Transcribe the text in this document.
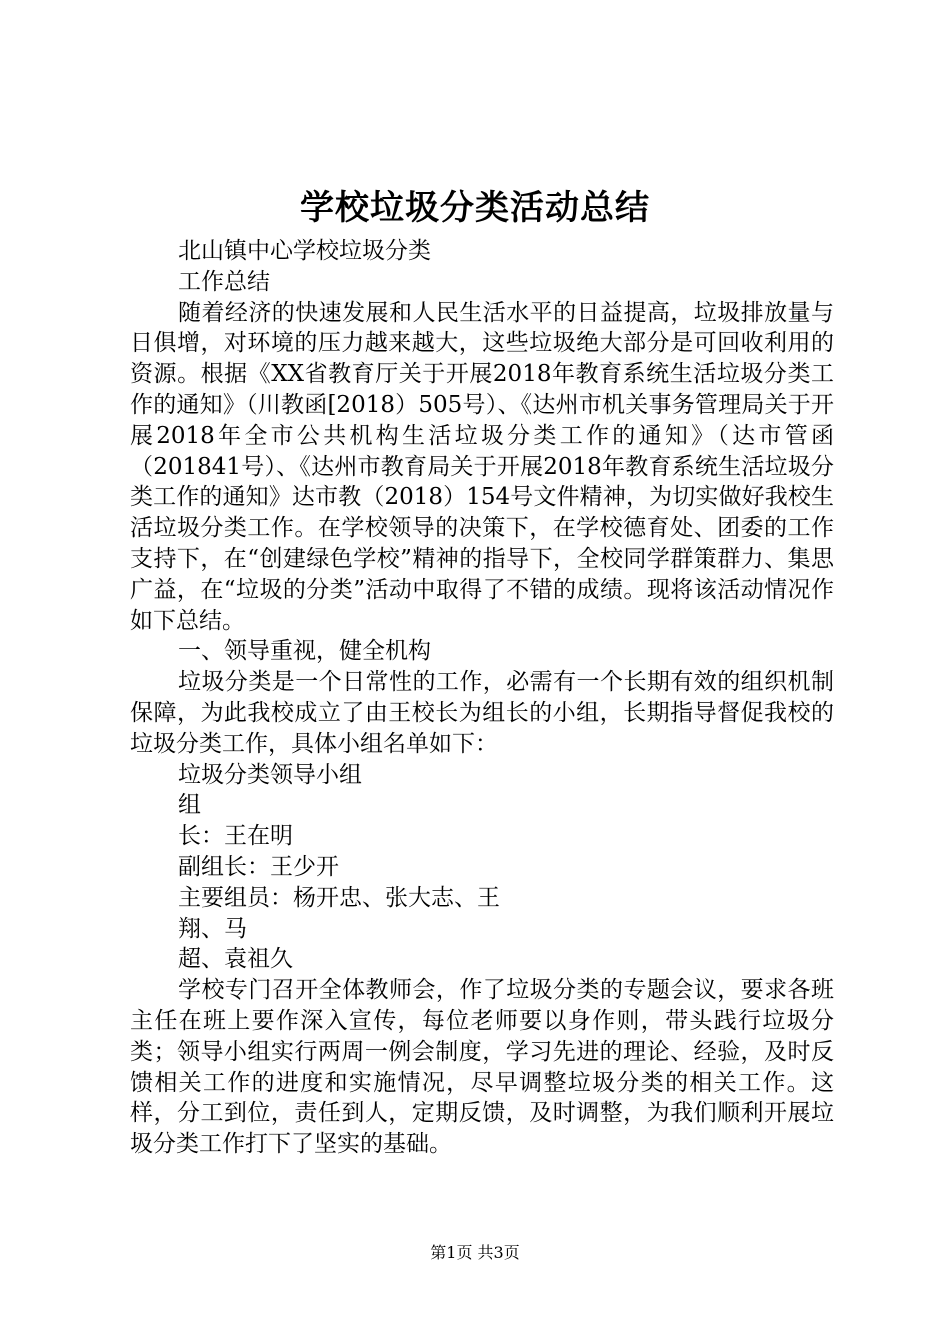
学校垃圾分类活动总结

北山镇中心学校垃圾分类

工作总结

随着经济的快速发展和人民生活水平的日益提高，垃圾排放量与日俱增，对环境的压力越来越大，这些垃圾绝大部分是可回收利用的资源。根据《XX省教育厅关于开展2018年教育系统生活垃圾分类工作的通知》（川教函[2018）505号）、《达州市机关事务管理局关于开展2018年全市公共机构生活垃圾分类工作的通知》（达市管函（201841号）、《达州市教育局关于开展2018年教育系统生活垃圾分类工作的通知》达市教（2018）154号文件精神，为切实做好我校生活垃圾分类工作。在学校领导的决策下，在学校德育处、团委的工作支持下，在“创建绿色学校”精神的指导下，全校同学群策群力、集思广益，在“垃圾的分类”活动中取得了不错的成绩。现将该活动情况作如下总结。

一、领导重视，健全机构

垃圾分类是一个日常性的工作，必需有一个长期有效的组织机制保障，为此我校成立了由王校长为组长的小组，长期指导督促我校的垃圾分类工作，具体小组名单如下：

垃圾分类领导小组

组

长：王在明

副组长：王少开

主要组员：杨开忠、张大志、王

翔、马

超、袁祖久

学校专门召开全体教师会，作了垃圾分类的专题会议，要求各班主任在班上要作深入宣传，每位老师要以身作则，带头践行垃圾分类；领导小组实行两周一例会制度，学习先进的理论、经验，及时反馈相关工作的进度和实施情况，尽早调整垃圾分类的相关工作。这样，分工到位，责任到人，定期反馈，及时调整，为我们顺利开展垃圾分类工作打下了坚实的基础。

第1页 共3页
